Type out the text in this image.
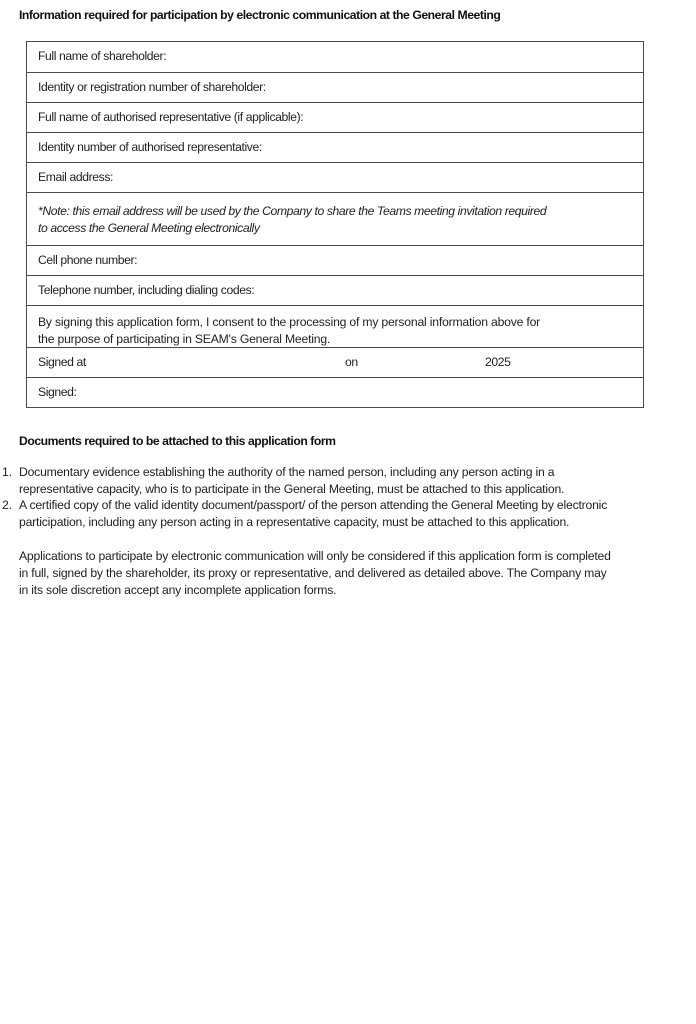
Information required for participation by electronic communication at the General Meeting
Full name of shareholder:
Identity or registration number of shareholder:
Full name of authorised representative (if applicable):
Identity number of authorised representative:
Email address:
*Note: this email address will be used by the Company to share the Teams meeting invitation required
to access the General Meeting electronically
Cell phone number:
Telephone number, including dialing codes:
By signing this application form, I consent to the processing of my personal information above for
the purpose of participating in SEAM's General Meeting.
Signed at	on	2025
Signed:
Documents required to be attached to this application form
1. Documentary evidence establishing the authority of the named person, including any person acting in a
representative capacity, who is to participate in the General Meeting, must be attached to this application.
2. A certified copy of the valid identity document/passport/ of the person attending the General Meeting by electronic
participation, including any person acting in a representative capacity, must be attached to this application.
Applications to participate by electronic communication will only be considered if this application form is completed
in full, signed by the shareholder, its proxy or representative, and delivered as detailed above. The Company may
in its sole discretion accept any incomplete application forms.
